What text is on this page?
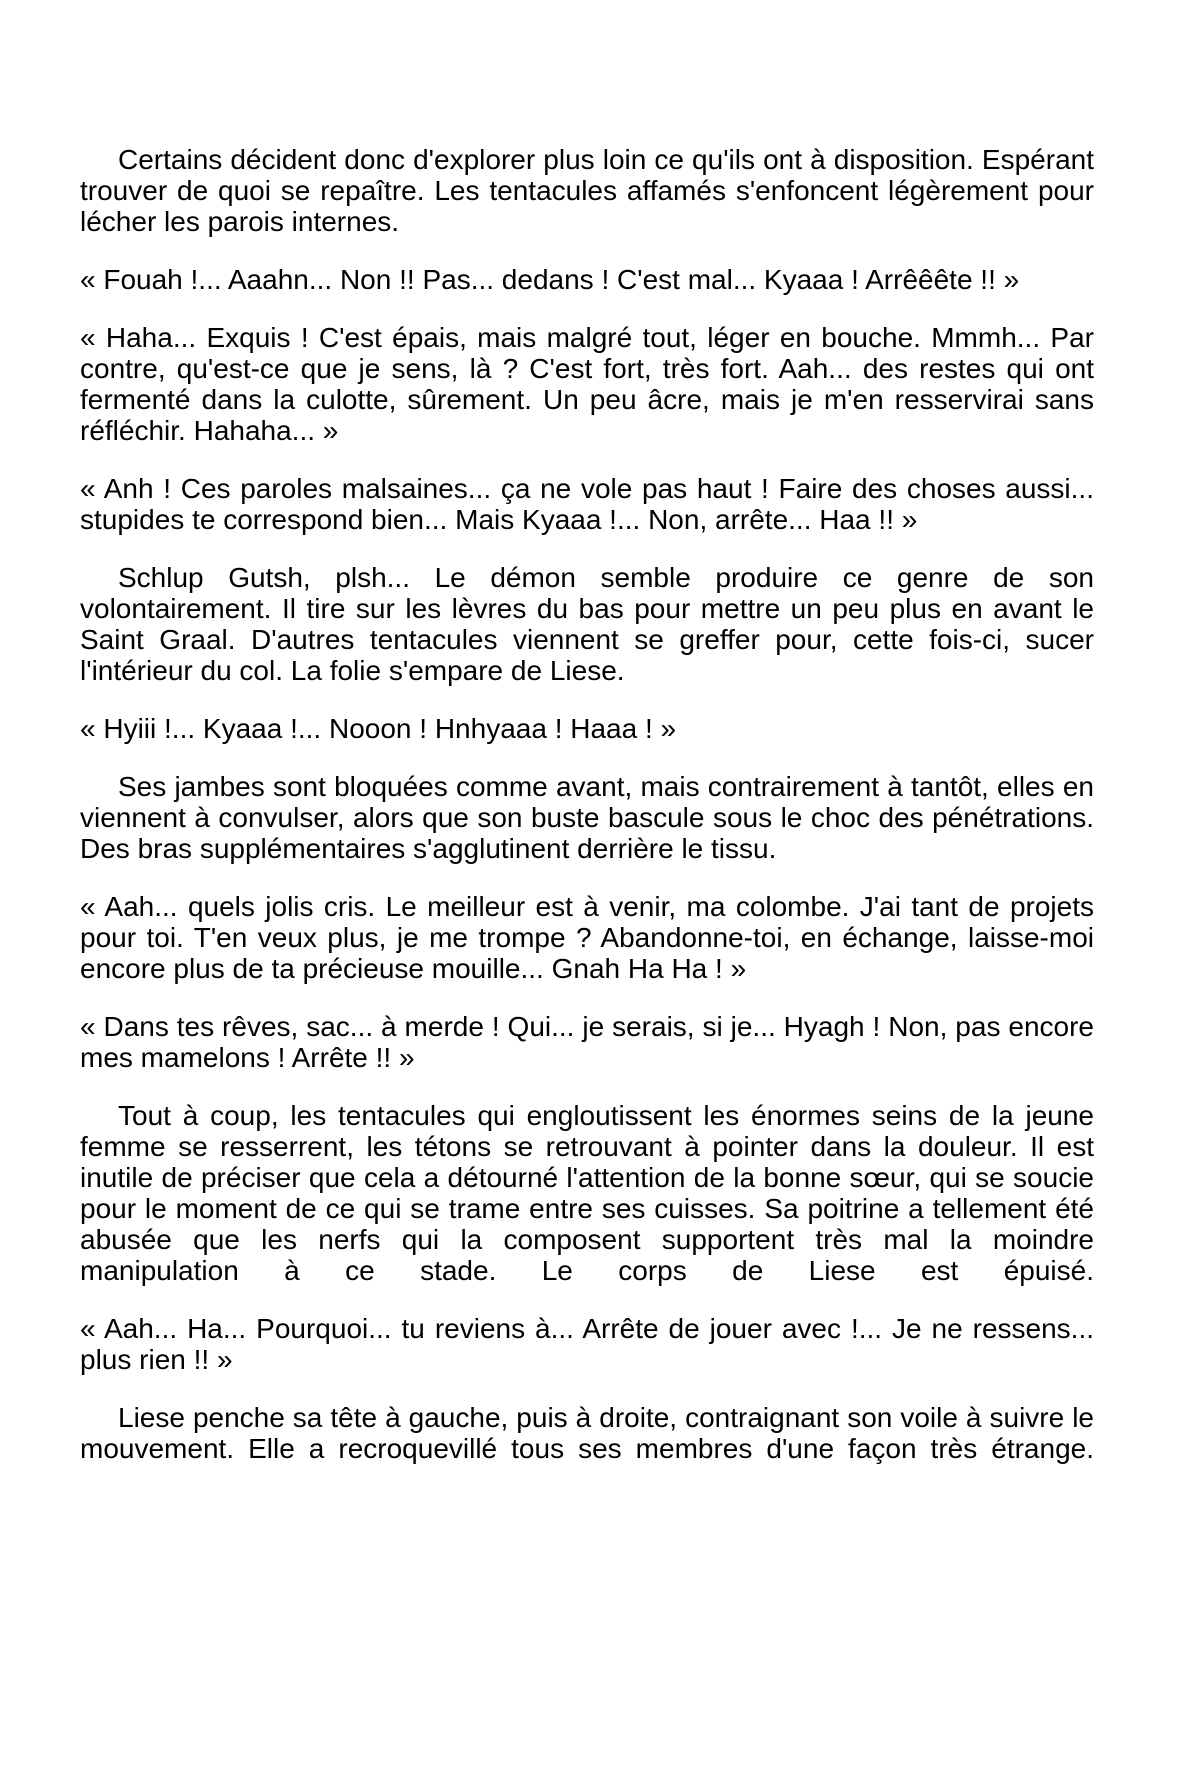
Certains décident donc d'explorer plus loin ce qu'ils ont à disposition. Espérant trouver de quoi se repaître. Les tentacules affamés s'enfoncent légèrement pour lécher les parois internes.

« Fouah !... Aaahn... Non !! Pas... dedans ! C'est mal... Kyaaa ! Arrêêête !! »

« Haha... Exquis ! C'est épais, mais malgré tout, léger en bouche. Mmmh... Par contre, qu'est-ce que je sens, là ? C'est fort, très fort. Aah... des restes qui ont fermenté dans la culotte, sûrement. Un peu âcre, mais je m'en resservirai sans réfléchir. Hahaha... »

« Anh ! Ces paroles malsaines... ça ne vole pas haut ! Faire des choses aussi... stupides te correspond bien... Mais Kyaaa !... Non, arrête... Haa !! »

Schlup Gutsh, plsh... Le démon semble produire ce genre de son volontairement. Il tire sur les lèvres du bas pour mettre un peu plus en avant le Saint Graal. D'autres tentacules viennent se greffer pour, cette fois-ci, sucer l'intérieur du col. La folie s'empare de Liese.

« Hyiii !... Kyaaa !... Nooon ! Hnhyaaa ! Haaa ! »

Ses jambes sont bloquées comme avant, mais contrairement à tantôt, elles en viennent à convulser, alors que son buste bascule sous le choc des pénétrations. Des bras supplémentaires s'agglutinent derrière le tissu.

« Aah... quels jolis cris. Le meilleur est à venir, ma colombe. J'ai tant de projets pour toi. T'en veux plus, je me trompe ? Abandonne-toi, en échange, laisse-moi encore plus de ta précieuse mouille... Gnah Ha Ha ! »

« Dans tes rêves, sac... à merde ! Qui... je serais, si je... Hyagh ! Non, pas encore mes mamelons ! Arrête !! »

Tout à coup, les tentacules qui engloutissent les énormes seins de la jeune femme se resserrent, les tétons se retrouvant à pointer dans la douleur. Il est inutile de préciser que cela a détourné l'attention de la bonne sœur, qui se soucie pour le moment de ce qui se trame entre ses cuisses. Sa poitrine a tellement été abusée que les nerfs qui la composent supportent très mal la moindre manipulation à ce stade. Le corps de Liese est épuisé.

« Aah... Ha... Pourquoi... tu reviens à... Arrête de jouer avec !... Je ne ressens... plus rien !! »

Liese penche sa tête à gauche, puis à droite, contraignant son voile à suivre le mouvement. Elle a recroquevillé tous ses membres d'une façon très étrange.
